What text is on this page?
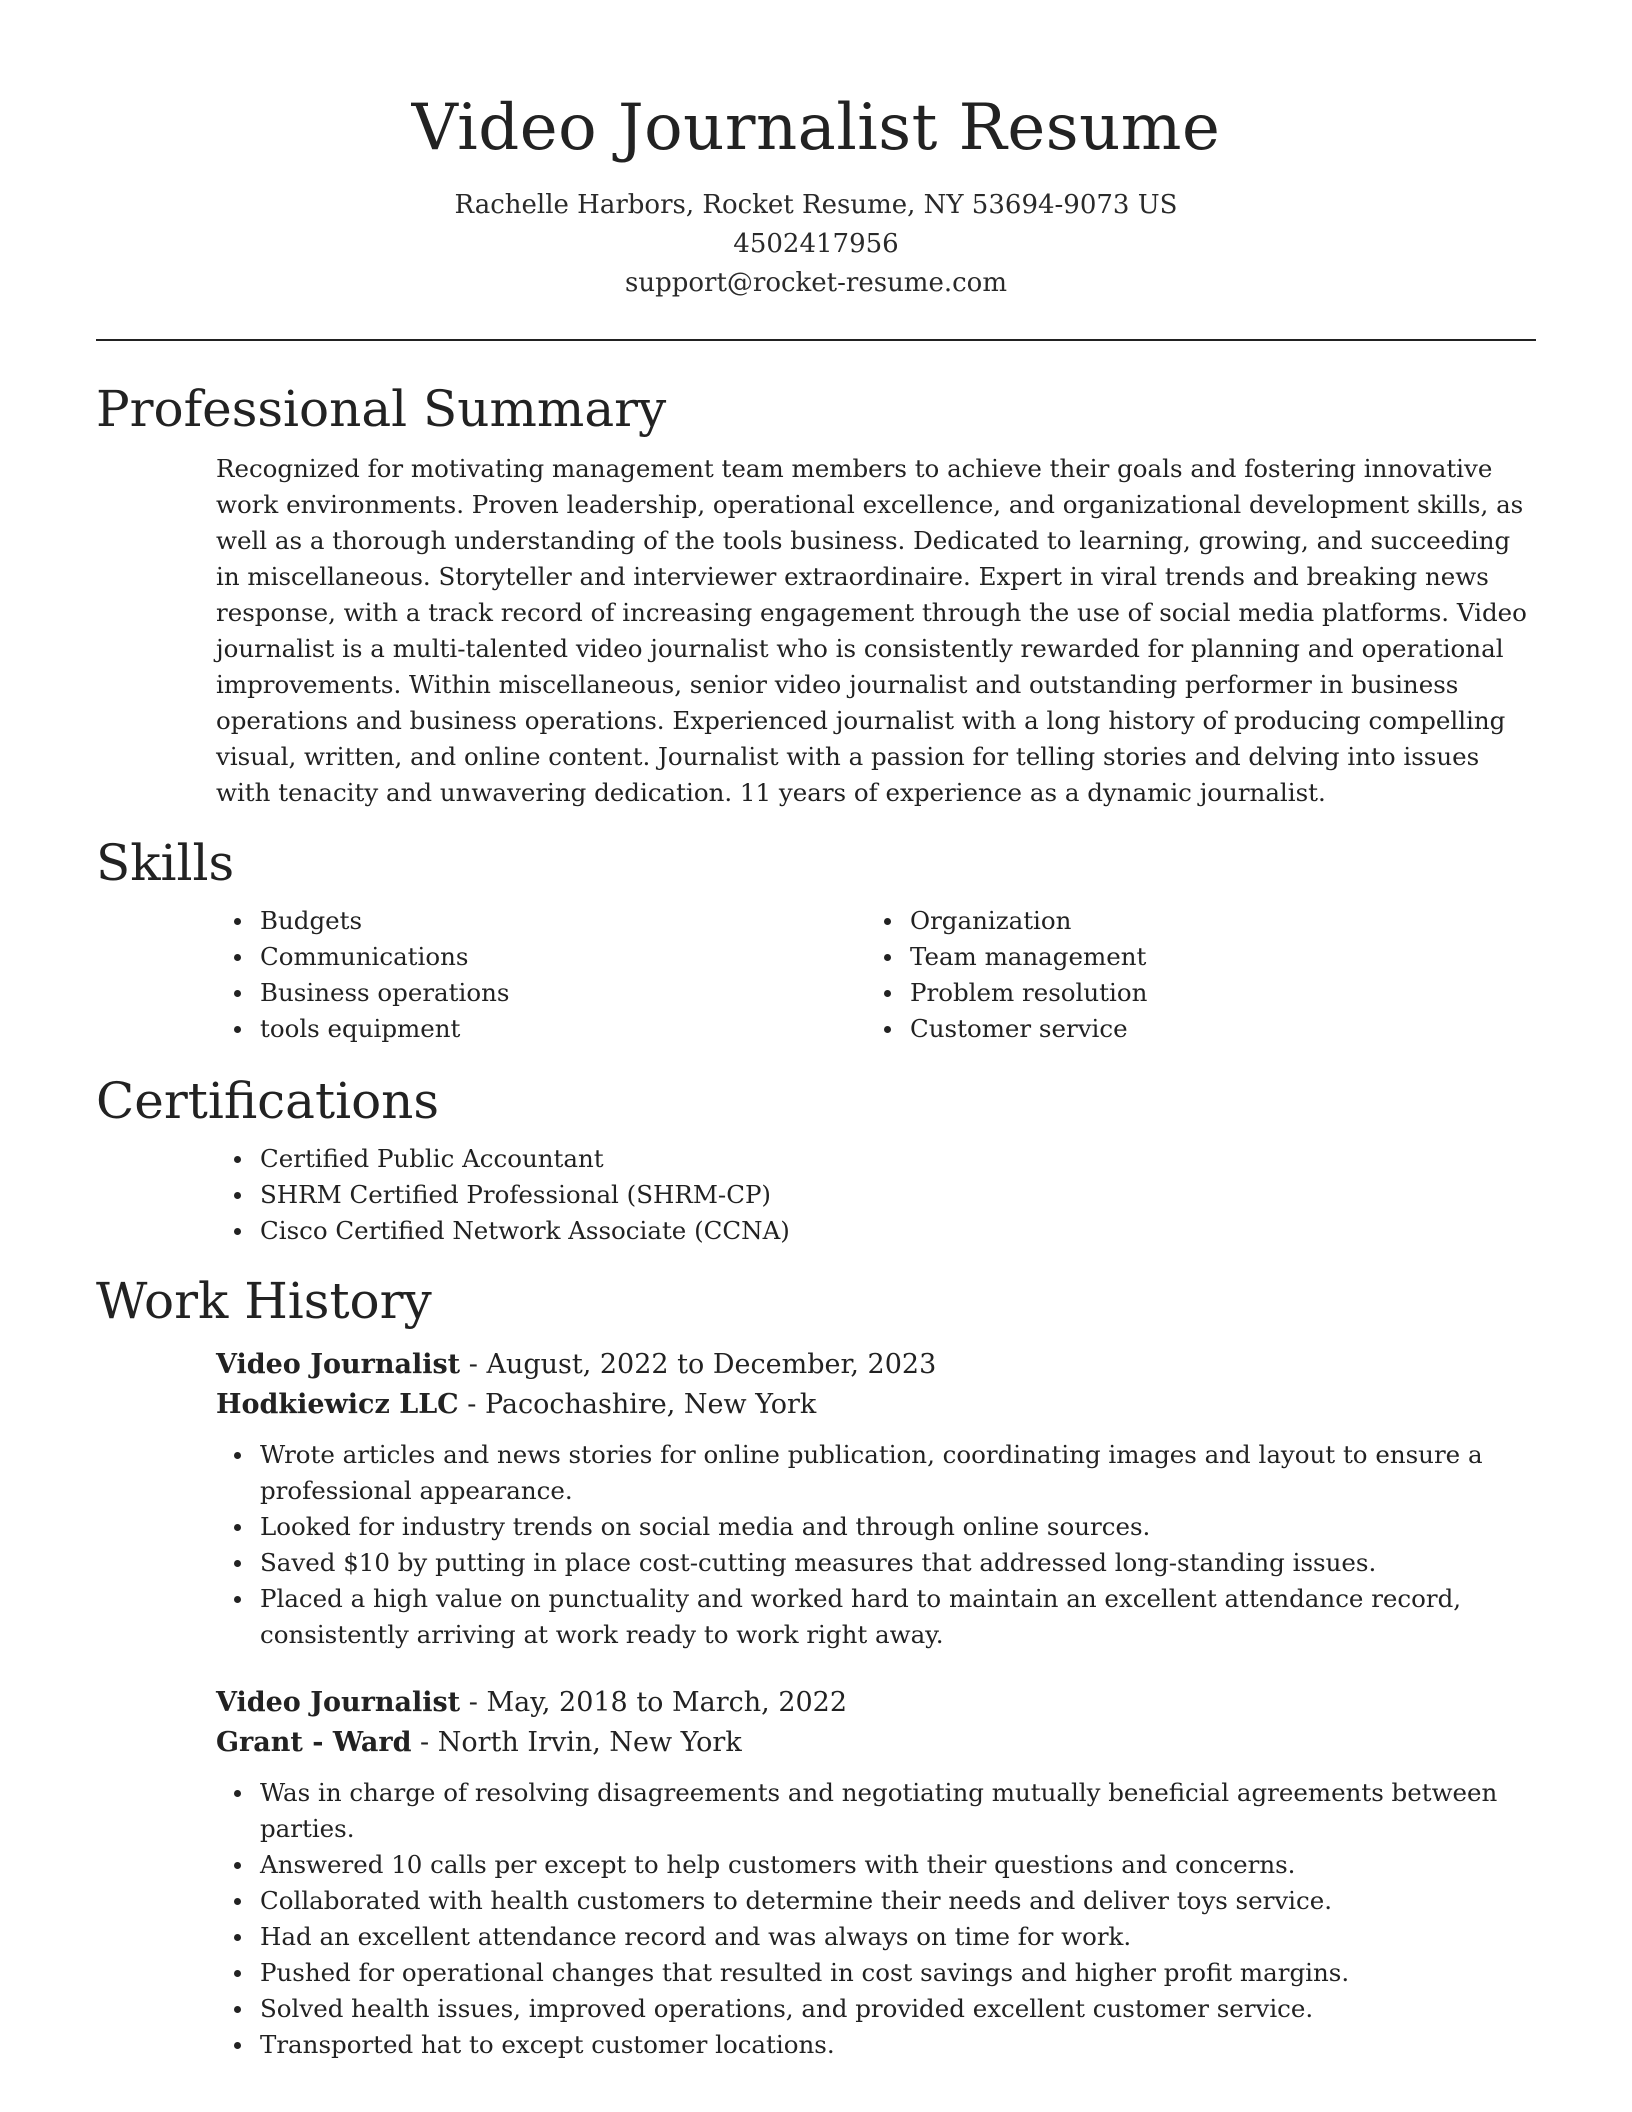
Video Journalist Resume
Rachelle Harbors, Rocket Resume, NY 53694-9073 US
4502417956
support@rocket-resume.com
Professional Summary

Recognized for motivating management team members to achieve their goals and fostering innovative work environments. Proven leadership, operational excellence, and organizational development skills, as well as a thorough understanding of the tools business. Dedicated to learning, growing, and succeeding in miscellaneous. Storyteller and interviewer extraordinaire. Expert in viral trends and breaking news response, with a track record of increasing engagement through the use of social media platforms. Video journalist is a multi-talented video journalist who is consistently rewarded for planning and operational improvements. Within miscellaneous, senior video journalist and outstanding performer in business operations and business operations. Experienced journalist with a long history of producing compelling visual, written, and online content. Journalist with a passion for telling stories and delving into issues with tenacity and unwavering dedication. 11 years of experience as a dynamic journalist.

Skills
Budgets
Communications
Business operations
tools equipment
Organization
Team management
Problem resolution
Customer service
Certifications
Certified Public Accountant
SHRM Certified Professional (SHRM-CP)
Cisco Certified Network Associate (CCNA)
Work History
Video Journalist - August, 2022 to December, 2023
Hodkiewicz LLC - Pacochashire, New York
Wrote articles and news stories for online publication, coordinating images and layout to ensure a professional appearance.
Looked for industry trends on social media and through online sources.
Saved $10 by putting in place cost-cutting measures that addressed long-standing issues.
Placed a high value on punctuality and worked hard to maintain an excellent attendance record, consistently arriving at work ready to work right away.
Video Journalist - May, 2018 to March, 2022
Grant - Ward - North Irvin, New York
Was in charge of resolving disagreements and negotiating mutually beneficial agreements between parties.
Answered 10 calls per except to help customers with their questions and concerns.
Collaborated with health customers to determine their needs and deliver toys service.
Had an excellent attendance record and was always on time for work.
Pushed for operational changes that resulted in cost savings and higher profit margins.
Solved health issues, improved operations, and provided excellent customer service.
Transported hat to except customer locations.
